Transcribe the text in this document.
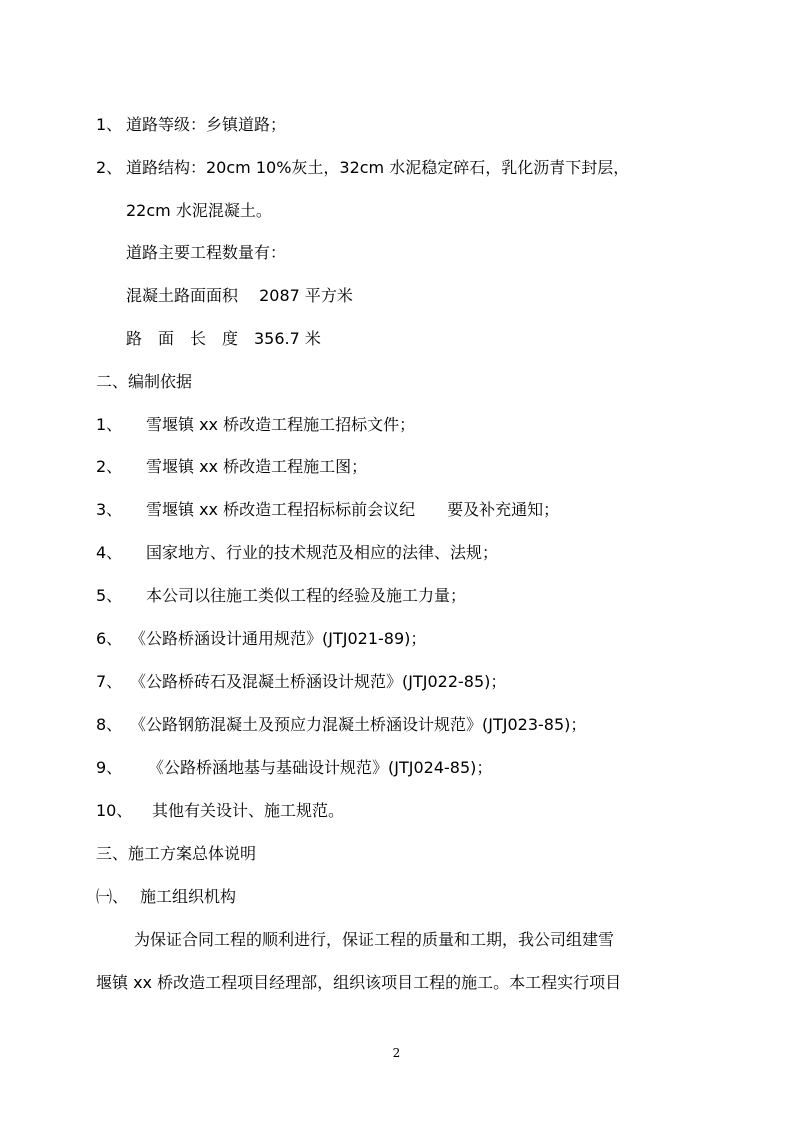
1、 道路等级：乡镇道路；
2、 道路结构：20cm 10%灰土，32cm 水泥稳定碎石，乳化沥青下封层，
22cm 水泥混凝土。
道路主要工程数量有：
混凝土路面面积　 2087 平方米
路　面　长　度　356.7 米
二、编制依据
1、 雪堰镇 xx 桥改造工程施工招标文件；
2、 雪堰镇 xx 桥改造工程施工图；
3、 雪堰镇 xx 桥改造工程招标标前会议纪　　要及补充通知；
4、 国家地方、行业的技术规范及相应的法律、法规；
5、 本公司以往施工类似工程的经验及施工力量；
6、 《公路桥涵设计通用规范》(JTJ021-89)；
7、 《公路桥砖石及混凝土桥涵设计规范》(JTJ022-85)；
8、 《公路钢筋混凝土及预应力混凝土桥涵设计规范》(JTJ023-85)；
9、 《公路桥涵地基与基础设计规范》(JTJ024-85)；
10、 其他有关设计、施工规范。
三、施工方案总体说明
㈠、 施工组织机构
为保证合同工程的顺利进行，保证工程的质量和工期，我公司组建雪
堰镇 xx 桥改造工程项目经理部，组织该项目工程的施工。本工程实行项目
2
